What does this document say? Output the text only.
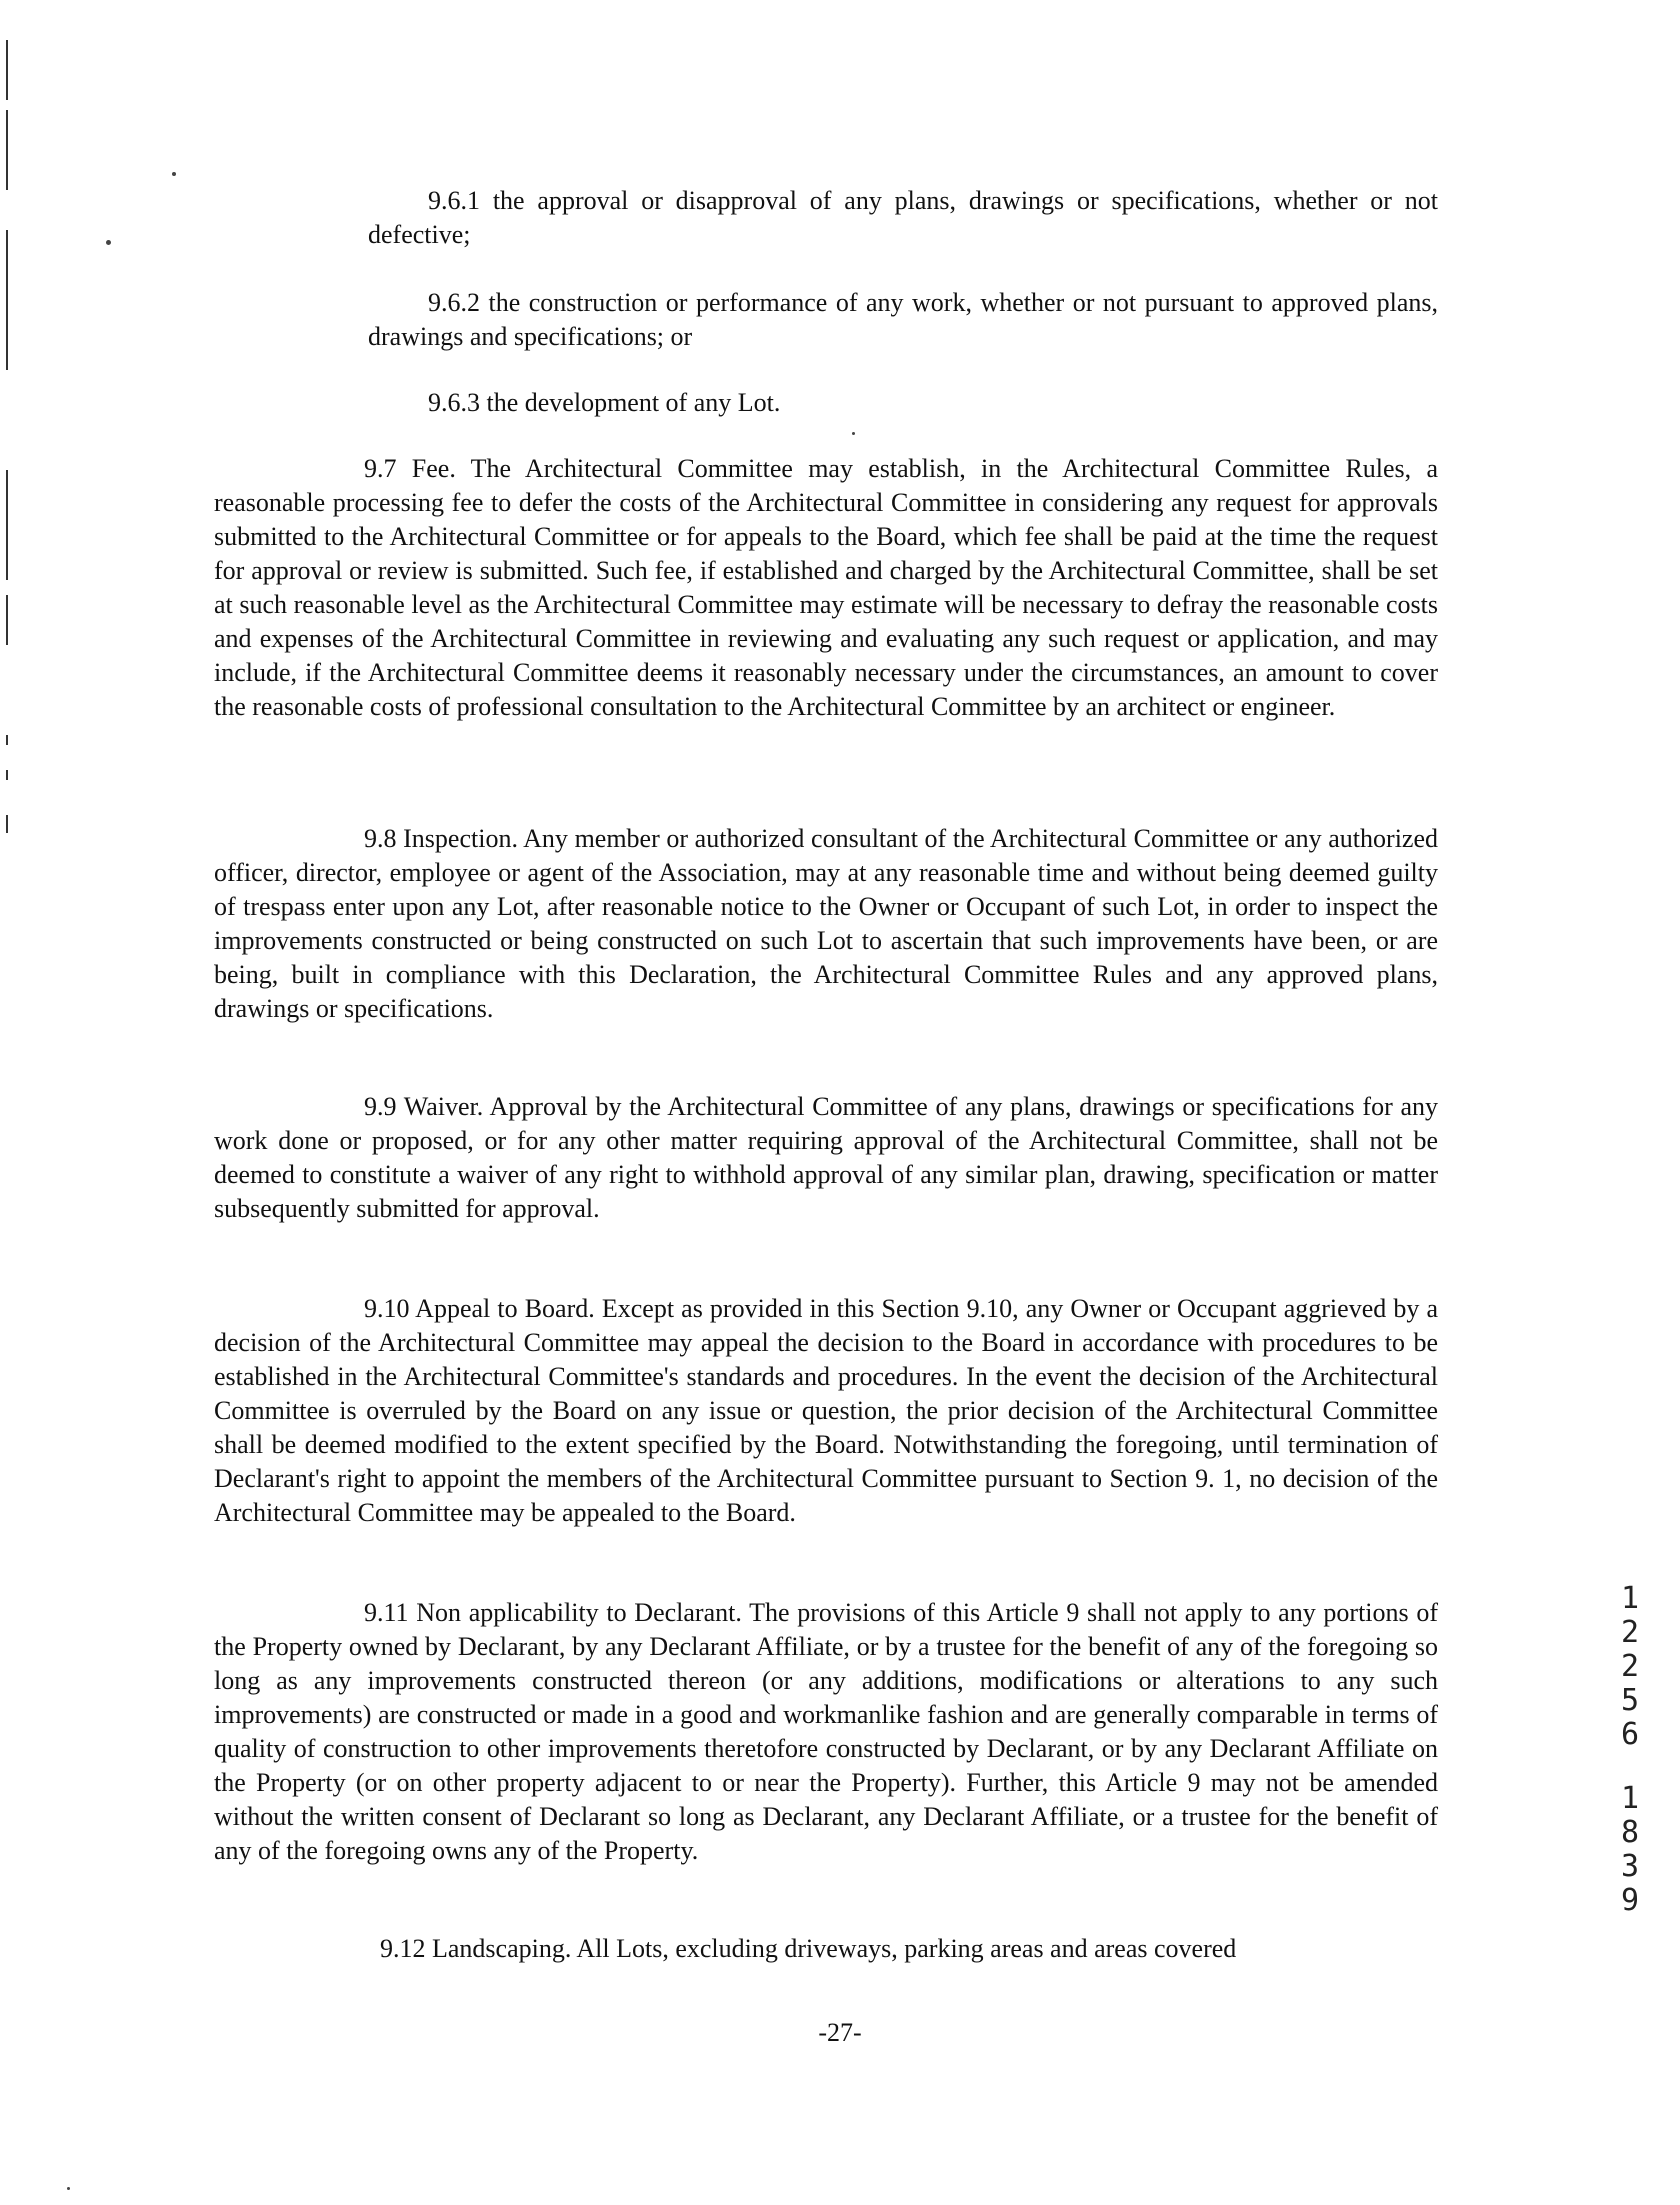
9.6.1 the approval or disapproval of any plans, drawings or specifications, whether or not defective;
9.6.2 the construction or performance of any work, whether or not pursuant to approved plans, drawings and specifications; or
9.6.3 the development of any Lot.
9.7 Fee. The Architectural Committee may establish, in the Architectural Committee Rules, a reasonable processing fee to defer the costs of the Architectural Committee in considering any request for approvals submitted to the Architectural Committee or for appeals to the Board, which fee shall be paid at the time the request for approval or review is submitted. Such fee, if established and charged by the Architectural Committee, shall be set at such reasonable level as the Architectural Committee may estimate will be necessary to defray the reasonable costs and expenses of the Architectural Committee in reviewing and evaluating any such request or application, and may include, if the Architectural Committee deems it reasonably necessary under the circumstances, an amount to cover the reasonable costs of professional consultation to the Architectural Committee by an architect or engineer.
9.8 Inspection. Any member or authorized consultant of the Architectural Committee or any authorized officer, director, employee or agent of the Association, may at any reasonable time and without being deemed guilty of trespass enter upon any Lot, after reasonable notice to the Owner or Occupant of such Lot, in order to inspect the improvements constructed or being constructed on such Lot to ascertain that such improvements have been, or are being, built in compliance with this Declaration, the Architectural Committee Rules and any approved plans, drawings or specifications.
9.9 Waiver. Approval by the Architectural Committee of any plans, drawings or specifications for any work done or proposed, or for any other matter requiring approval of the Architectural Committee, shall not be deemed to constitute a waiver of any right to withhold approval of any similar plan, drawing, specification or matter subsequently submitted for approval.
9.10 Appeal to Board. Except as provided in this Section 9.10, any Owner or Occupant aggrieved by a decision of the Architectural Committee may appeal the decision to the Board in accordance with procedures to be established in the Architectural Committee's standards and procedures. In the event the decision of the Architectural Committee is overruled by the Board on any issue or question, the prior decision of the Architectural Committee shall be deemed modified to the extent specified by the Board. Notwithstanding the foregoing, until termination of Declarant's right to appoint the members of the Architectural Committee pursuant to Section 9. 1, no decision of the Architectural Committee may be appealed to the Board.
9.11 Non applicability to Declarant. The provisions of this Article 9 shall not apply to any portions of the Property owned by Declarant, by any Declarant Affiliate, or by a trustee for the benefit of any of the foregoing so long as any improvements constructed thereon (or any additions, modifications or alterations to any such improvements) are constructed or made in a good and workmanlike fashion and are generally comparable in terms of quality of construction to other improvements theretofore constructed by Declarant, or by any Declarant Affiliate on the Property (or on other property adjacent to or near the Property). Further, this Article 9 may not be amended without the written consent of Declarant so long as Declarant, any Declarant Affiliate, or a trustee for the benefit of any of the foregoing owns any of the Property.
9.12 Landscaping. All Lots, excluding driveways, parking areas and areas covered
-27-
1
2
2
5
6
1
8
3
9
